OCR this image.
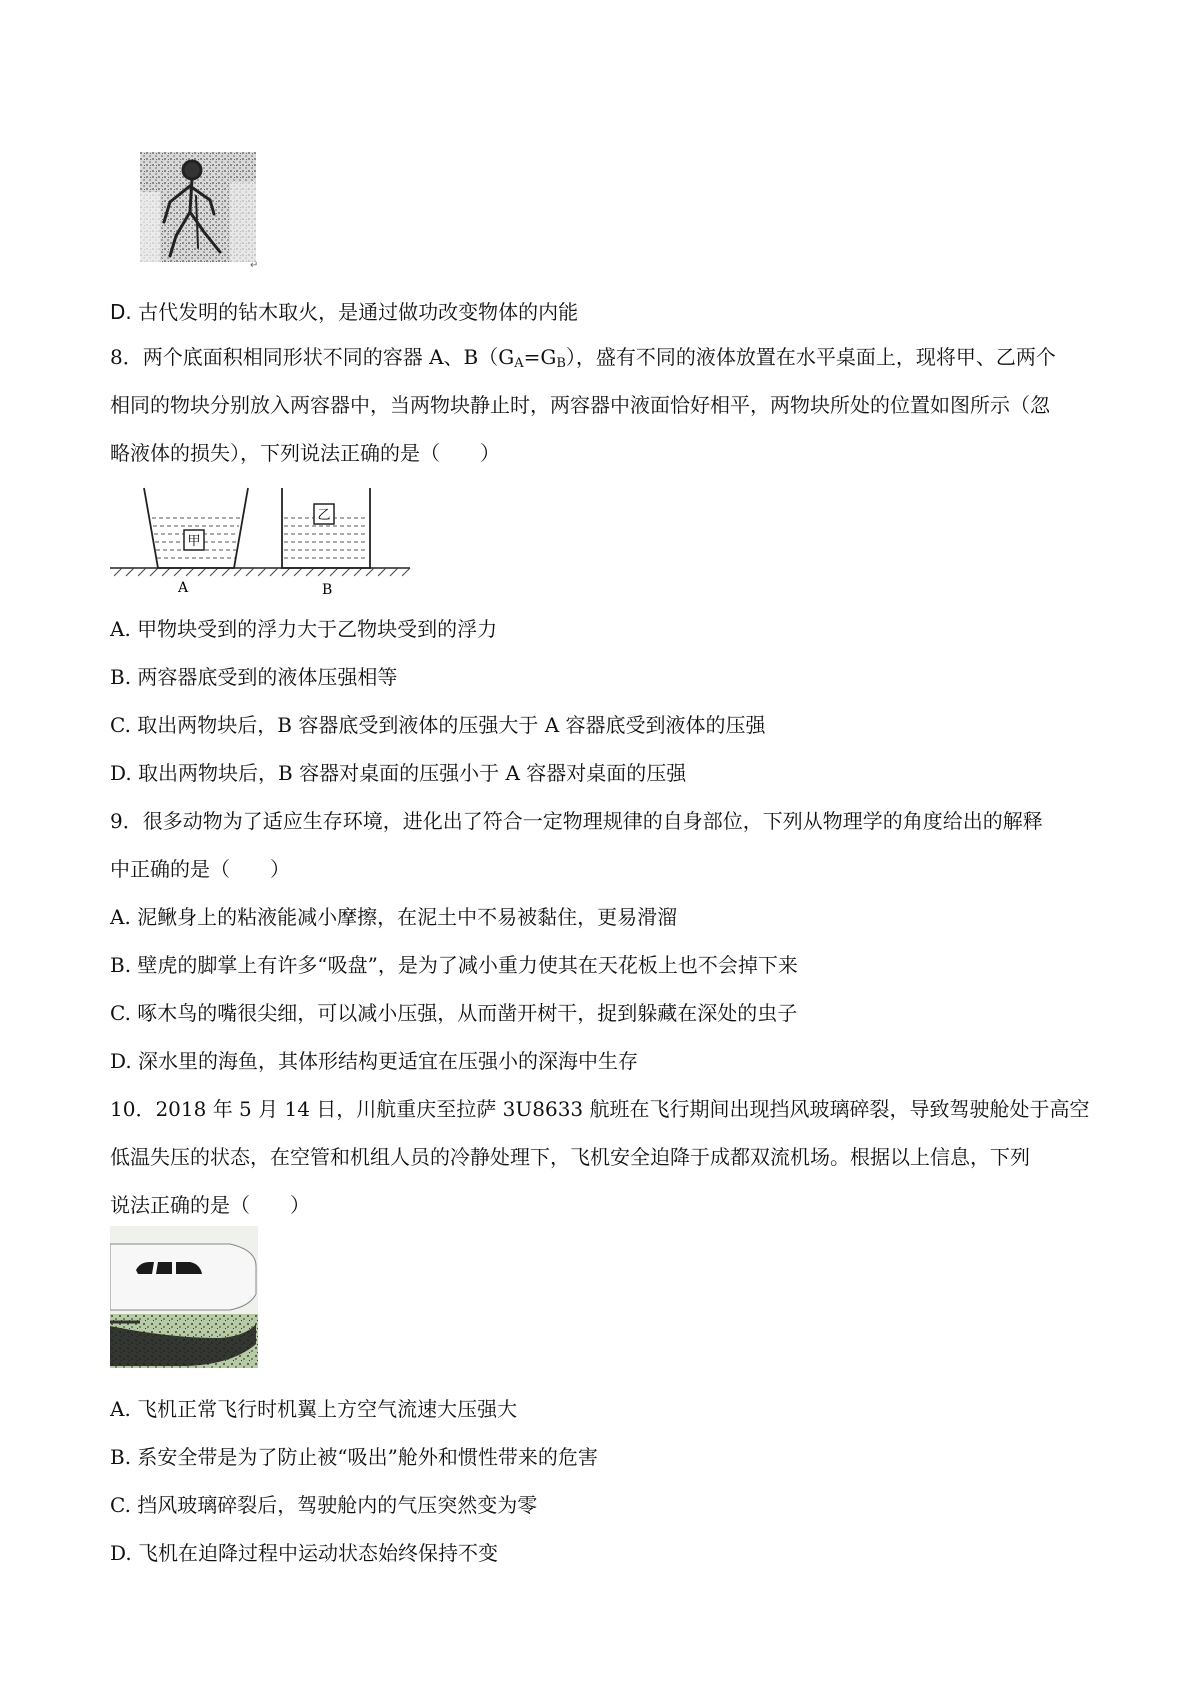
↵
D. 古代发明的钻木取火，是通过做功改变物体的内能
8．两个底面积相同形状不同的容器 A、$B(G_A=G_B)$，盛有不同的液体放置在水平桌面上，现将甲、乙两个
相同的物块分别放入两容器中，当两物块静止时，两容器中液面恰好相平，两物块所处的位置如图所示（忽
略液体的损失），下列说法正确的是（　　）
甲
乙
A	B
A. 甲物块受到的浮力大于乙物块受到的浮力
B. 两容器底受到的液体压强相等
C. 取出两物块后，B 容器底受到液体的压强大于 A 容器底受到液体的压强
D. 取出两物块后，B 容器对桌面的压强小于 A 容器对桌面的压强
9．很多动物为了适应生存环境，进化出了符合一定物理规律的自身部位，下列从物理学的角度给出的解释
中正确的是（　　）
A. 泥鳅身上的粘液能减小摩擦，在泥土中不易被黏住，更易滑溜
B. 壁虎的脚掌上有许多“吸盘”，是为了减小重力使其在天花板上也不会掉下来
C. 啄木鸟的嘴很尖细，可以减小压强，从而凿开树干，捉到躲藏在深处的虫子
D. 深水里的海鱼，其体形结构更适宜在压强小的深海中生存
10．2018 年 5 月 14 日，川航重庆至拉萨 3U8633 航班在飞行期间出现挡风玻璃碎裂，导致驾驶舱处于高空
低温失压的状态，在空管和机组人员的冷静处理下，飞机安全迫降于成都双流机场。根据以上信息，下列
说法正确的是（　　）
A. 飞机正常飞行时机翼上方空气流速大压强大
B. 系安全带是为了防止被“吸出”舱外和惯性带来的危害
C. 挡风玻璃碎裂后，驾驶舱内的气压突然变为零
D. 飞机在迫降过程中运动状态始终保持不变
